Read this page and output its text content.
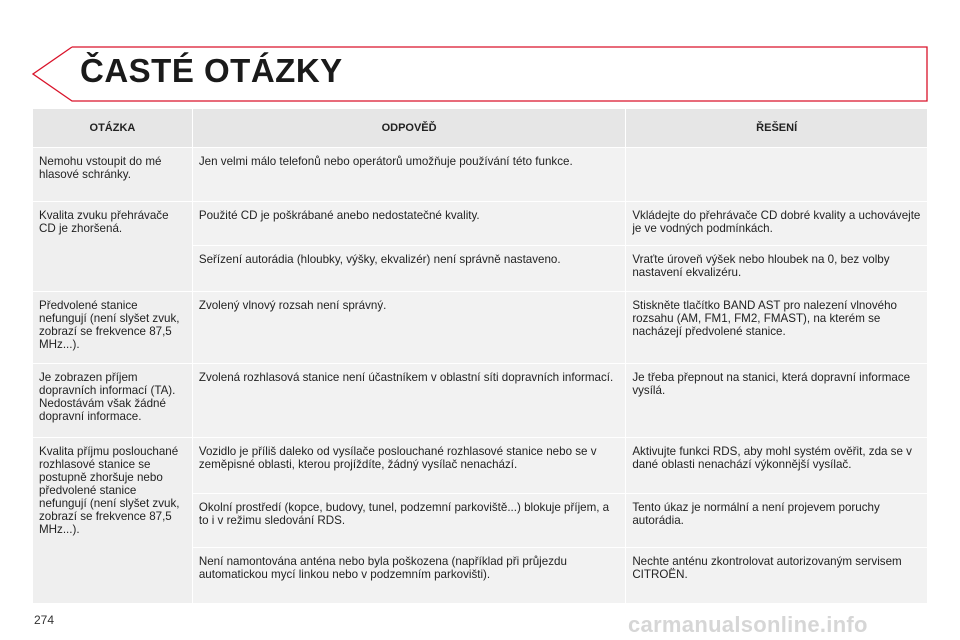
ČASTÉ OTÁZKY
OTÁZKA	ODPOVĚĎ	ŘEŠENÍ
Nemohu vstoupit do mé hlasové schránky.	Jen velmi málo telefonů nebo operátorů umožňuje používání této funkce.	
Kvalita zvuku přehrávače CD je zhoršená.	Použité CD je poškrábané anebo nedostatečné kvality.	Vkládejte do přehrávače CD dobré kvality a uchovávejte je ve vodných podmínkách.
	Seřízení autorádia (hloubky, výšky, ekvalizér) není správně nastaveno.	Vraťte úroveň výšek nebo hloubek na 0, bez volby nastavení ekvalizéru.
Předvolené stanice nefungují (není slyšet zvuk, zobrazí se frekvence 87,5 MHz...).	Zvolený vlnový rozsah není správný.	Stiskněte tlačítko BAND AST pro nalezení vlnového rozsahu (AM, FM1, FM2, FMAST), na kterém se nacházejí předvolené stanice.
Je zobrazen příjem dopravních informací (TA). Nedostávám však žádné dopravní informace.	Zvolená rozhlasová stanice není účastníkem v oblastní síti dopravních informací.	Je třeba přepnout na stanici, která dopravní informace vysílá.
Kvalita příjmu poslouchané rozhlasové stanice se postupně zhoršuje nebo předvolené stanice nefungují (není slyšet zvuk, zobrazí se frekvence 87,5 MHz...).	Vozidlo je příliš daleko od vysílače poslouchané rozhlasové stanice nebo se v zeměpisné oblasti, kterou projíždíte, žádný vysílač nenachází.	Aktivujte funkci RDS, aby mohl systém ověřit, zda se v dané oblasti nenachází výkonnější vysílač.
	Okolní prostředí (kopce, budovy, tunel, podzemní parkoviště...) blokuje příjem, a to i v režimu sledování RDS.	Tento úkaz je normální a není projevem poruchy autorádia.
	Není namontována anténa nebo byla poškozena (například při průjezdu automatickou mycí linkou nebo v podzemním parkovišti).	Nechte anténu zkontrolovat autorizovaným servisem CITROËN.
274	carmanualsonline.info
